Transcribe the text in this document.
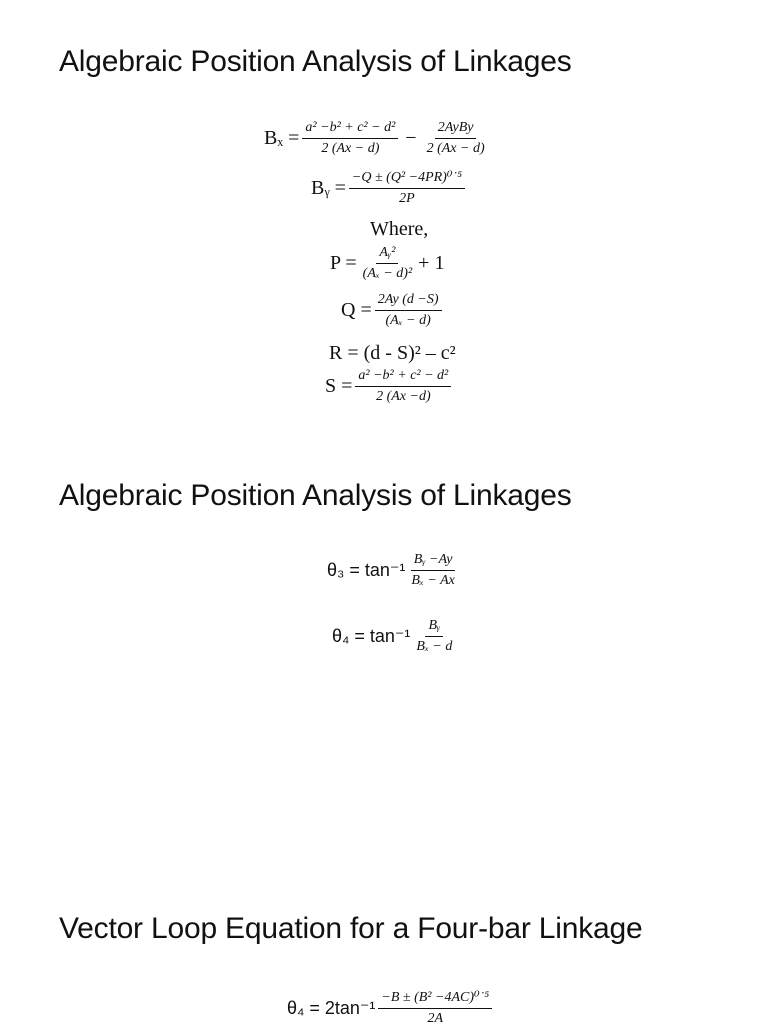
Algebraic Position Analysis of Linkages
$B_x = \frac{\text{a² −b² + c² − d²}}{2 (Ax - d)} - \frac{\text{2AyBy}}{2 (Ax - d)}$
Bᵧ = $\frac{\text{−Q ± (Q² −4PR)⁰˙⁵}}{2P}$
Where,
$P = \frac{\text{Aᵧ²}}{\text{(Aₓ − d)²}} + 1$
$Q = \frac{2Ay (d -S)}{\text{(Aₓ − d)}}$
R = (d - S)² – c²
$S = \frac{\text{a² −b² + c² − d²}}{2 (Ax -d)}$
Algebraic Position Analysis of Linkages
$\theta_3 = \tan^{-1} \frac{\text{Bᵧ −Ay}}{\text{Bₓ − Ax}}$
$\theta_4 = \tan^{-1} \frac{\text{Bᵧ}}{\text{Bₓ − d}}$
Vector Loop Equation for a Four-bar Linkage
$\theta_4 = 2\tan^{-1} \frac{\text{−B ± (B² −4AC)⁰˙⁵}}{2A}$
